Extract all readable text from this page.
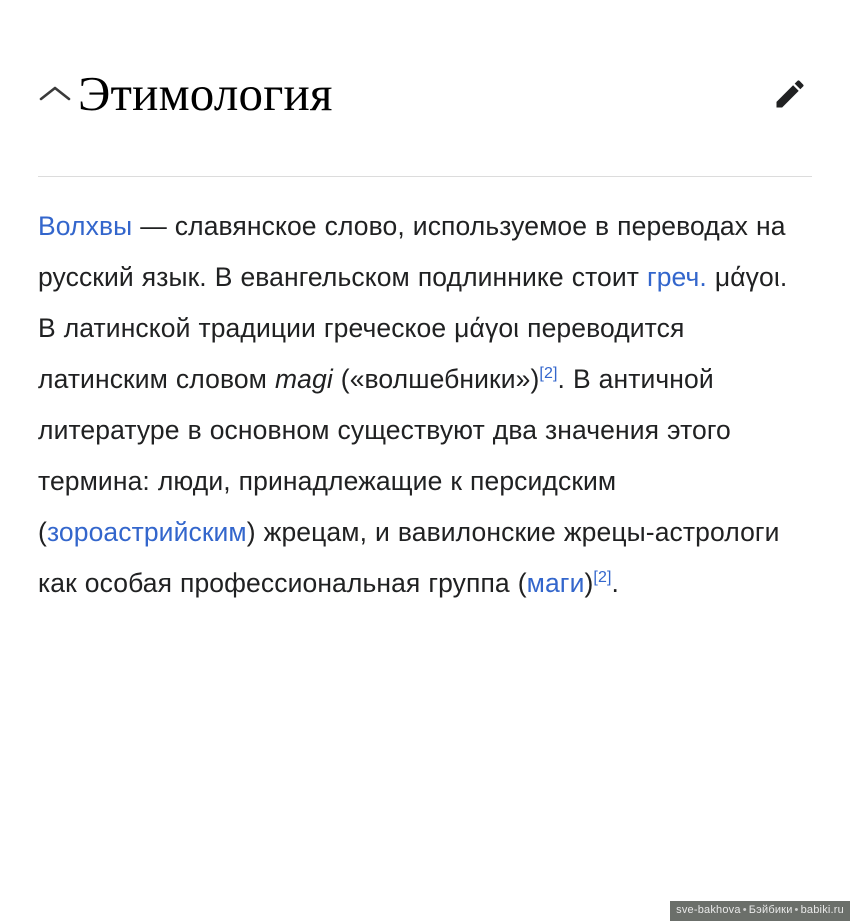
Этимология
Волхвы — славянское слово, используемое в переводах на русский язык. В евангельском подлиннике стоит греч. μάγοι. В латинской традиции греческое μάγοι переводится латинским словом magi («волшебники»)[2]. В античной литературе в основном существуют два значения этого термина: люди, принадлежащие к персидским (зороастрийским) жрецам, и вавилонские жрецы-астрологи как особая профессиональная группа (маги)[2].
sve-bakhova • Бэйбики • babiki.ru
